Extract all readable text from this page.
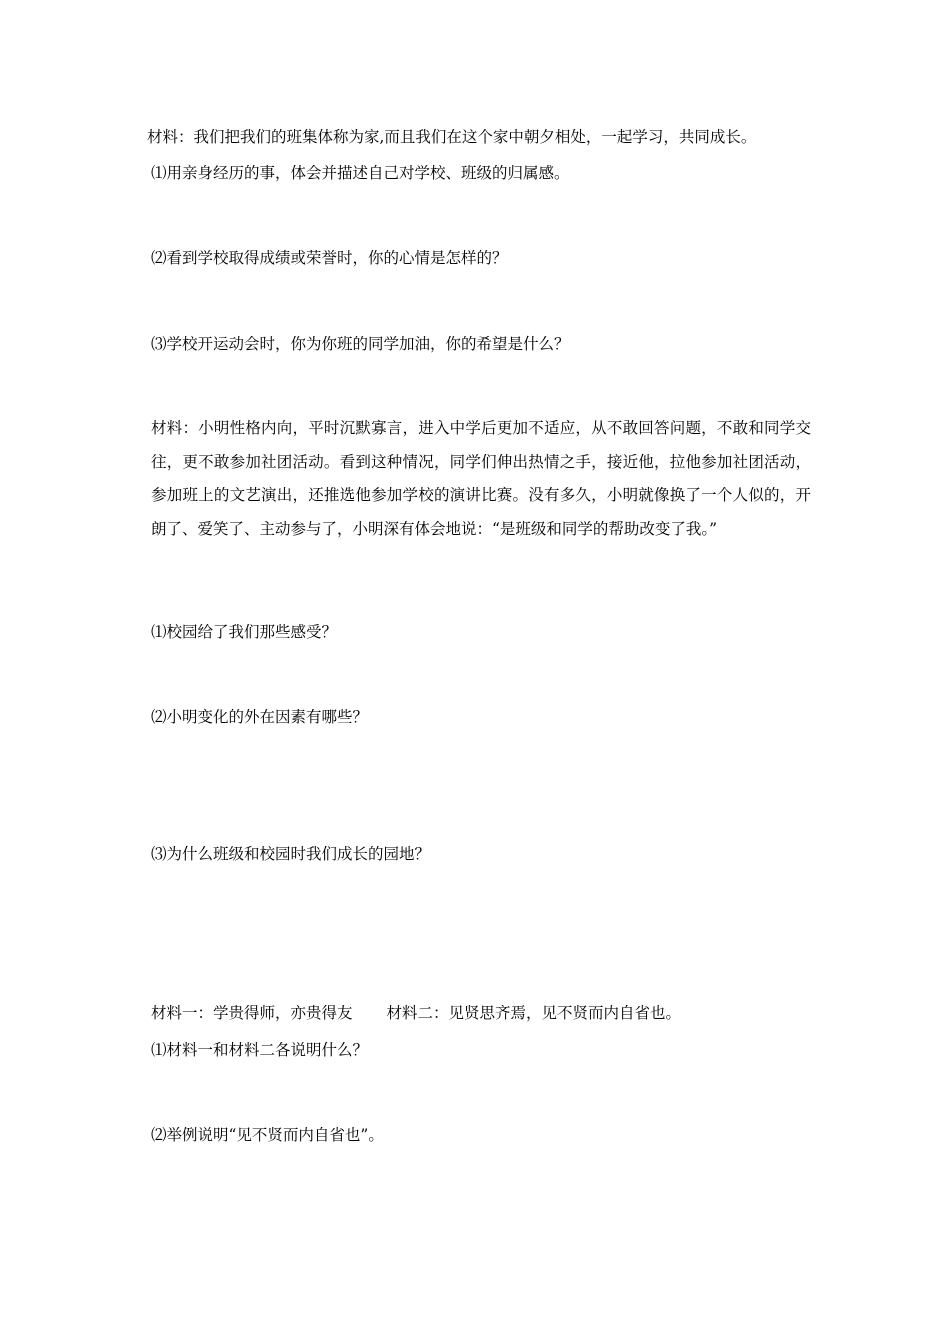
材料：我们把我们的班集体称为家,而且我们在这个家中朝夕相处，一起学习，共同成长。
⑴用亲身经历的事，体会并描述自己对学校、班级的归属感。
⑵看到学校取得成绩或荣誉时，你的心情是怎样的？
⑶学校开运动会时，你为你班的同学加油，你的希望是什么？
材料：小明性格内向，平时沉默寡言，进入中学后更加不适应，从不敢回答问题，不敢和同学交往，更不敢参加社团活动。看到这种情况，同学们伸出热情之手，接近他，拉他参加社团活动，参加班上的文艺演出，还推选他参加学校的演讲比赛。没有多久，小明就像换了一个人似的，开朗了、爱笑了、主动参与了，小明深有体会地说：“是班级和同学的帮助改变了我。”
⑴校园给了我们那些感受？
⑵小明变化的外在因素有哪些？
⑶为什么班级和校园时我们成长的园地？
材料一：学贵得师，亦贵得友 材料二：见贤思齐焉，见不贤而内自省也。
⑴材料一和材料二各说明什么？
⑵举例说明“见不贤而内自省也”。
